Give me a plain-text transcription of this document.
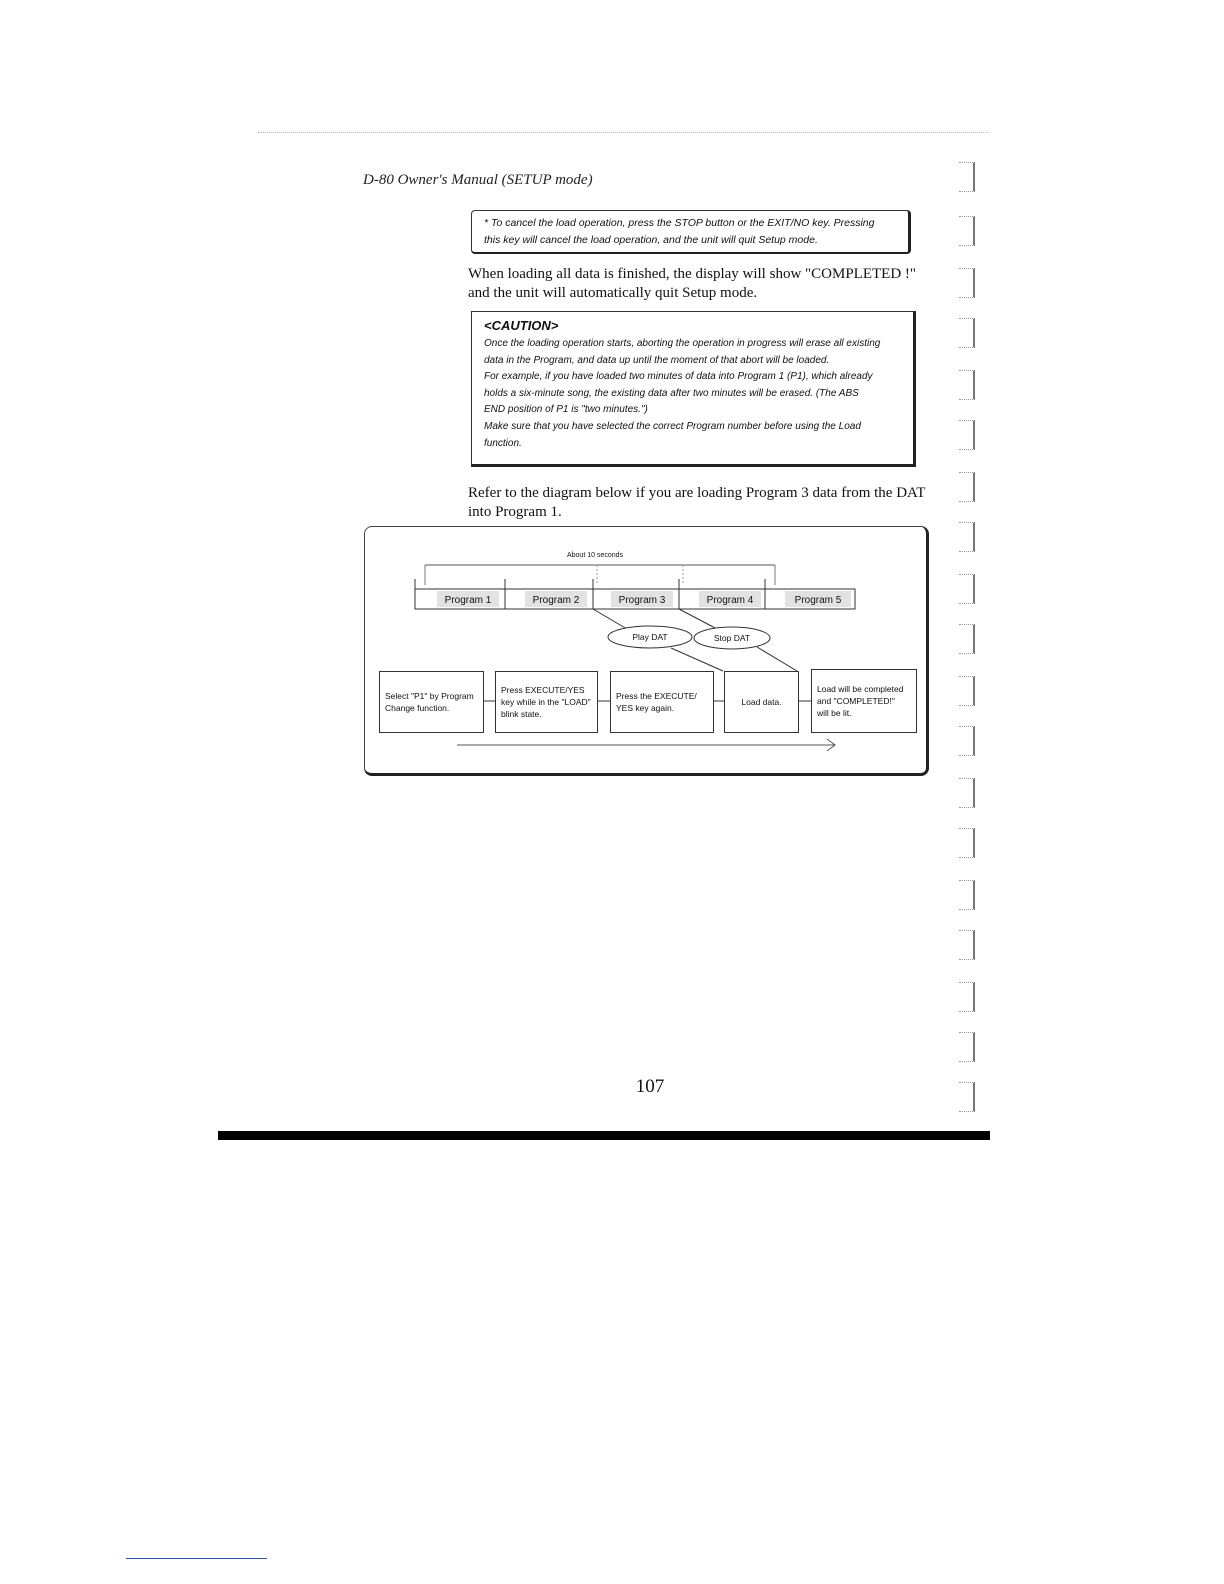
D-80 Owner's Manual (SETUP mode)
* To cancel the load operation, press the STOP button or the EXIT/NO key. Pressing
this key will cancel the load operation, and the unit will quit Setup mode.
When loading all data is finished, the display will show "COMPLETED !" and the unit will automatically quit Setup mode.
<CAUTION>
Once the loading operation starts, aborting the operation in progress will erase all existing
data in the Program, and data up until the moment of that abort will be loaded.
For example, if you have loaded two minutes of data into Program 1 (P1), which already
holds a six-minute song, the existing data after two minutes will be erased. (The ABS
END position of P1 is "two minutes.")
Make sure that you have selected the correct Program number before using the Load
function.
Refer to the diagram below if you are loading Program 3 data from the DAT into Program 1.
About 10 seconds
Program 1	Program 2	Program 3	Program 4	Program 5
Play DAT	Stop DAT
Select "P1" by Program
Change function.
Press EXECUTE/YES
key while in the "LOAD"
blink state.
Press the EXECUTE/
YES key again.
Load data.
Load will be completed
and "COMPLETED!"
will be lit.
107
